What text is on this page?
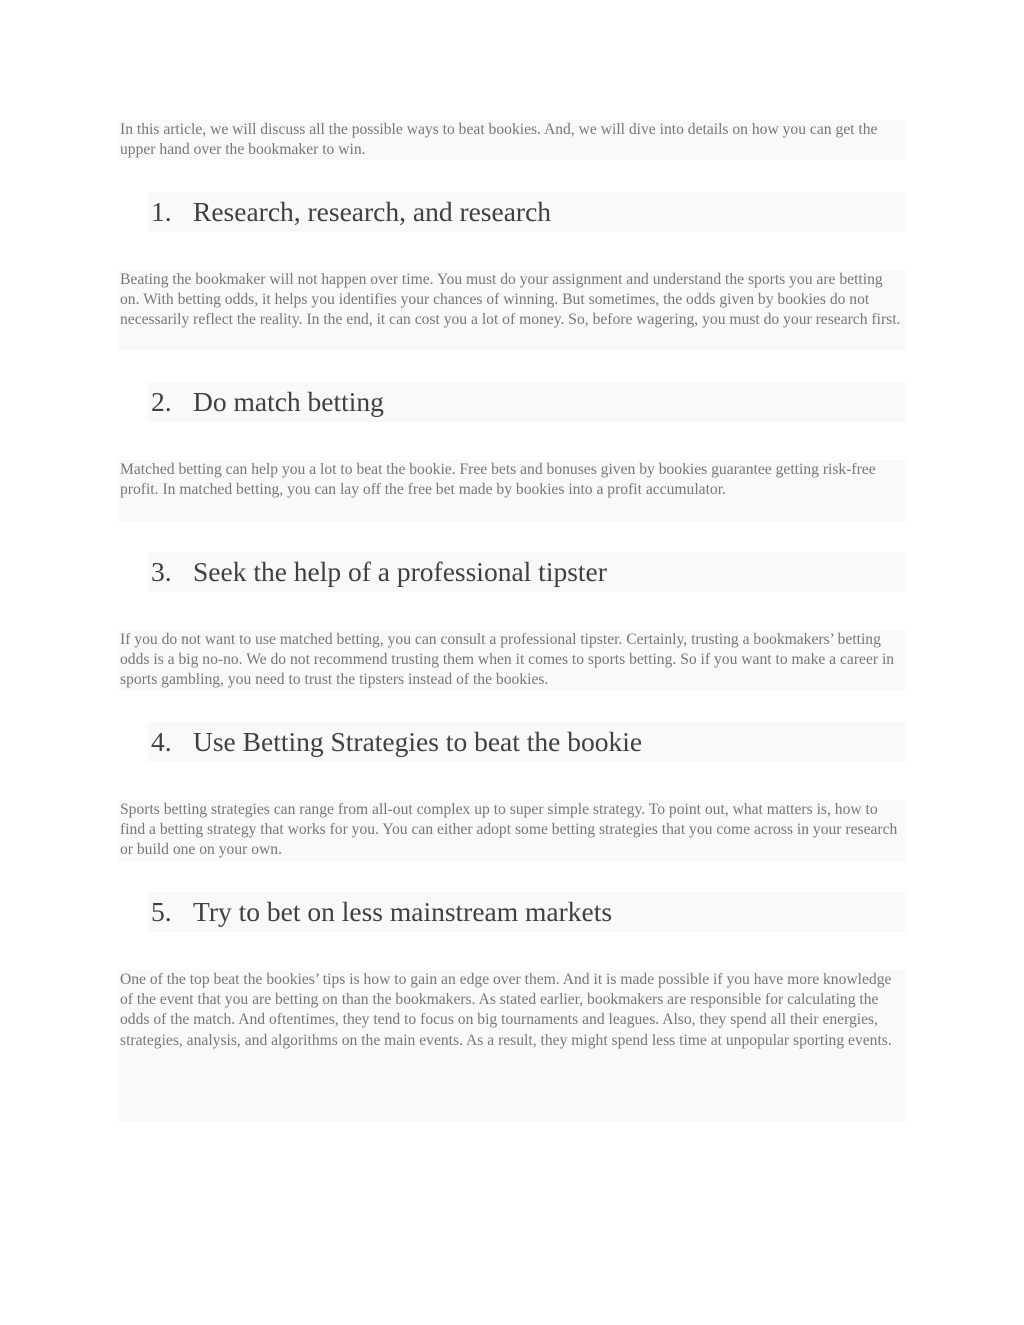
In this article, we will discuss all the possible ways to beat bookies. And, we will dive into details on how you can get the upper hand over the bookmaker to win.
1. Research, research, and research
Beating the bookmaker will not happen over time. You must do your assignment and understand the sports you are betting on. With betting odds, it helps you identifies your chances of winning. But sometimes, the odds given by bookies do not necessarily reflect the reality. In the end, it can cost you a lot of money. So, before wagering, you must do your research first.
2. Do match betting
Matched betting can help you a lot to beat the bookie. Free bets and bonuses given by bookies guarantee getting risk-free profit. In matched betting, you can lay off the free bet made by bookies into a profit accumulator.
3. Seek the help of a professional tipster
If you do not want to use matched betting, you can consult a professional tipster. Certainly, trusting a bookmakers’ betting odds is a big no-no. We do not recommend trusting them when it comes to sports betting. So if you want to make a career in sports gambling, you need to trust the tipsters instead of the bookies.
4. Use Betting Strategies to beat the bookie
Sports betting strategies can range from all-out complex up to super simple strategy. To point out, what matters is, how to find a betting strategy that works for you. You can either adopt some betting strategies that you come across in your research or build one on your own.
5. Try to bet on less mainstream markets
One of the top beat the bookies’ tips is how to gain an edge over them. And it is made possible if you have more knowledge of the event that you are betting on than the bookmakers. As stated earlier, bookmakers are responsible for calculating the odds of the match. And oftentimes, they tend to focus on big tournaments and leagues. Also, they spend all their energies, strategies, analysis, and algorithms on the main events. As a result, they might spend less time at unpopular sporting events.
